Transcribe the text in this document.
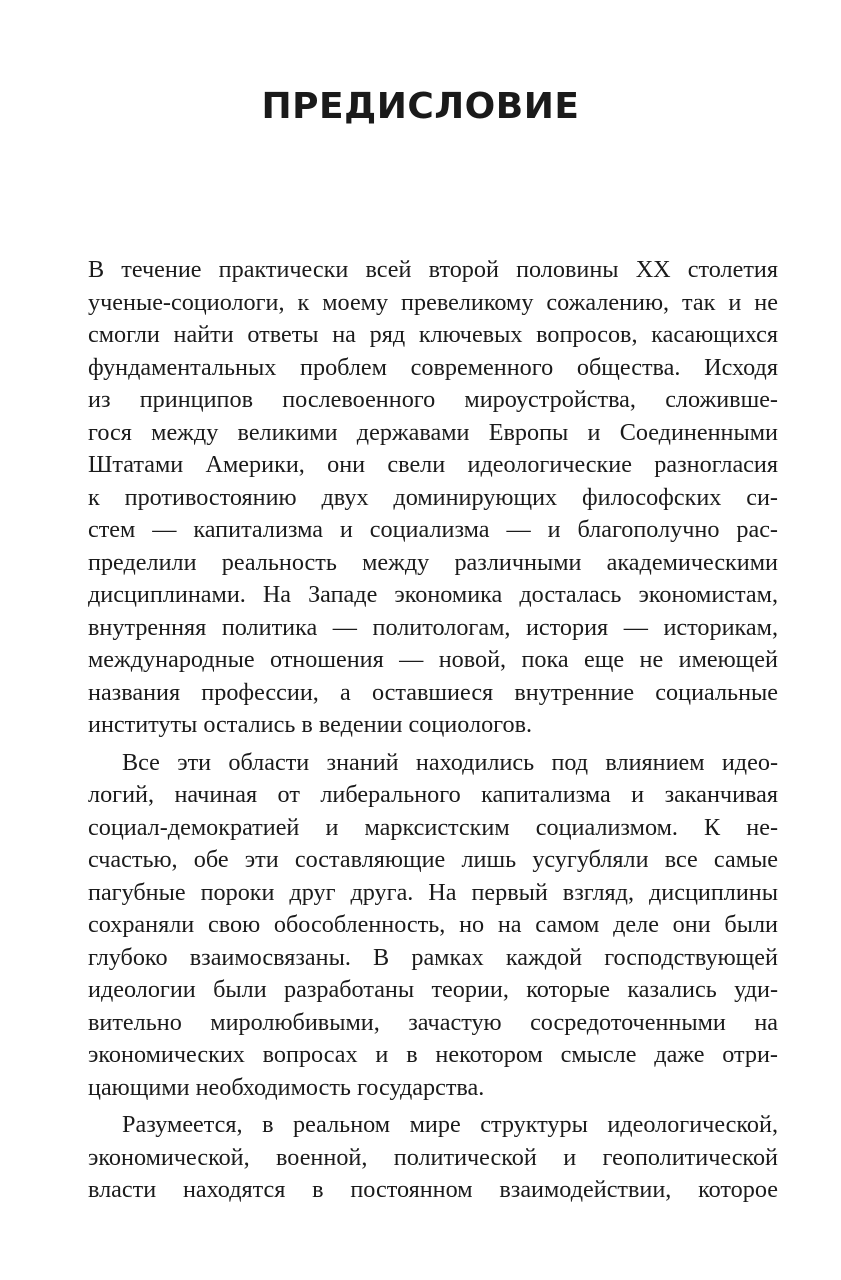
ПРЕДИСЛОВИЕ
В течение практически всей второй половины XX столетия
ученые-социологи, к моему превеликому сожалению, так и не
смогли найти ответы на ряд ключевых вопросов, касающихся
фундаментальных проблем современного общества. Исходя
из принципов послевоенного мироустройства, сложивше-
гося между великими державами Европы и Соединенными
Штатами Америки, они свели идеологические разногласия
к противостоянию двух доминирующих философских си-
стем — капитализма и социализма — и благополучно рас-
пределили реальность между различными академическими
дисциплинами. На Западе экономика досталась экономистам,
внутренняя политика — политологам, история — историкам,
международные отношения — новой, пока еще не имеющей
названия профессии, а оставшиеся внутренние социальные
институты остались в ведении социологов.
Все эти области знаний находились под влиянием идео-
логий, начиная от либерального капитализма и заканчивая
социал-демократией и марксистским социализмом. К не-
счастью, обе эти составляющие лишь усугубляли все самые
пагубные пороки друг друга. На первый взгляд, дисциплины
сохраняли свою обособленность, но на самом деле они были
глубоко взаимосвязаны. В рамках каждой господствующей
идеологии были разработаны теории, которые казались уди-
вительно миролюбивыми, зачастую сосредоточенными на
экономических вопросах и в некотором смысле даже отри-
цающими необходимость государства.
Разумеется, в реальном мире структуры идеологической,
экономической, военной, политической и геополитической
власти находятся в постоянном взаимодействии, которое
